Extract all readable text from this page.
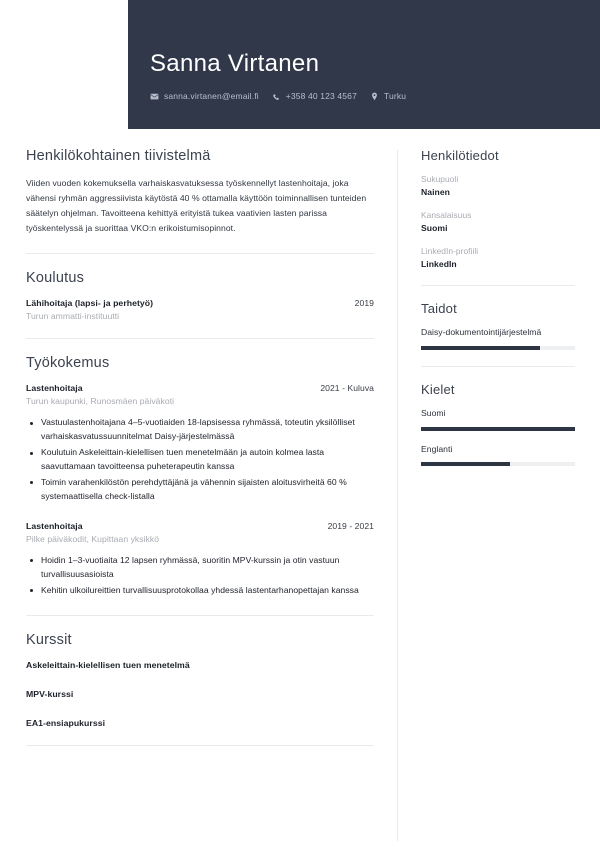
Sanna Virtanen
sanna.virtanen@email.fi	+358 40 123 4567	Turku
Henkilökohtainen tiivistelmä

Viiden vuoden kokemuksella varhaiskasvatuksessa työskennellyt lastenhoitaja, joka vähensi ryhmän aggressiivista käytöstä 40 % ottamalla käyttöön toiminnallisen tunteiden säätelyn ohjelman. Tavoitteena kehittyä erityistä tukea vaativien lasten parissa työskentelyssä ja suorittaa VKO:n erikoistumisopinnot.

Koulutus
Lähihoitaja (lapsi- ja perhetyö)	2019
Turun ammatti-instituutti
Työkokemus
Lastenhoitaja	2021 - Kuluva
Turun kaupunki, Runosmäen päiväkoti
Vastuulastenhoitajana 4–5-vuotiaiden 18-lapsisessa ryhmässä, toteutin yksilölliset varhaiskasvatussuunnitelmat Daisy-järjestelmässä
Koulutuin Askeleittain-kielellisen tuen menetelmään ja autoin kolmea lasta saavuttamaan tavoitteensa puheterapeutin kanssa
Toimin varahenkilöstön perehdyttäjänä ja vähennin sijaisten aloitusvirheitä 60 % systemaattisella check-listalla
Lastenhoitaja	2019 - 2021
Pilke päiväkodit, Kupittaan yksikkö
Hoidin 1–3-vuotiaita 12 lapsen ryhmässä, suoritin MPV-kurssin ja otin vastuun turvallisuusasioista
Kehitin ulkoilureittien turvallisuusprotokollaa yhdessä lastentarhanopettajan kanssa
Kurssit
Askeleittain-kielellisen tuen menetelmä
MPV-kurssi
EA1-ensiapukurssi
Henkilötiedot
Sukupuoli
Nainen
Kansalaisuus
Suomi
LinkedIn-profiili
LinkedIn
Taidot
Daisy-dokumentointijärjestelmä
Kielet
Suomi
Englanti
